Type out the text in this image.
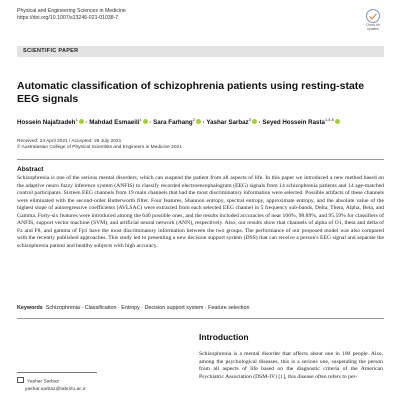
Physical and Engineering Sciences in Medicine
https://doi.org/10.1007/s13246-021-01038-7
Check for
updates
SCIENTIFIC PAPER
Automatic classification of schizophrenia patients using resting-state EEG signals
Hossein Najafzadeh$^1$ · Mahdad Esmaeili$^1$ · Sara Farhang$^2$ · Yashar Sarbaz$^3$ · Seyed Hossein Rasta$^{1,4,5}$
Received: 24 April 2021 / Accepted: 26 July 2021
© Australasian College of Physical Scientists and Engineers in Medicine 2021
Abstract
Schizophrenia is one of the serious mental disorders, which can suspend the patient from all aspects of life. In this paper we introduced a new method based on the adaptive neuro fuzzy inference system (ANFIS) to classify recorded electroencephalogram (EEG) signals from 14 schizophrenia patients and 14 age-matched control participants. Sixteen EEG channels from 19 main channels that had the most discriminatory information were selected. Possible artifacts of these channels were eliminated with the second-order Butterworth filter. Four features, Shannon entropy, spectral entropy, approximate entropy, and the absolute value of the highest slope of autoregressive coefficients (AVLSAC) were extracted from each selected EEG channel in 5 frequency sub-bands, Delta, Theta, Alpha, Beta, and Gamma. Forty-six features were introduced among the 640 possible ones, and the results included accuracies of near 100%, 98.89%, and 95.59% for classifiers of ANFIS, support vector machine (SVM), and artificial neural network (ANN), respectively. Also, our results show that channels of alpha of O1, theta and delta of Fz and F8, and gamma of Fp1 have the most discriminatory information between the two groups. The performance of our proposed model was also compared with the recently published approaches. This study led to presenting a new decision support system (DSS) that can receive a person's EEG signal and separate the schizophrenia patient and healthy subjects with high accuracy.
Keywords Schizophrenia · Classification · Entropy · Decision support system · Feature selection
Introduction
Schizophrenia is a mental disorder that affects about one in 100 people. Also, among the psychological diseases, this is a serious one, suspending the person from all aspects of life based on the diagnostic criteria of the American Psychiatric Association (DSM-IV) [1], this disease often refers to per-
Yashar Sarbaz
yashar.sarbaz@tabrizu.ac.ir
